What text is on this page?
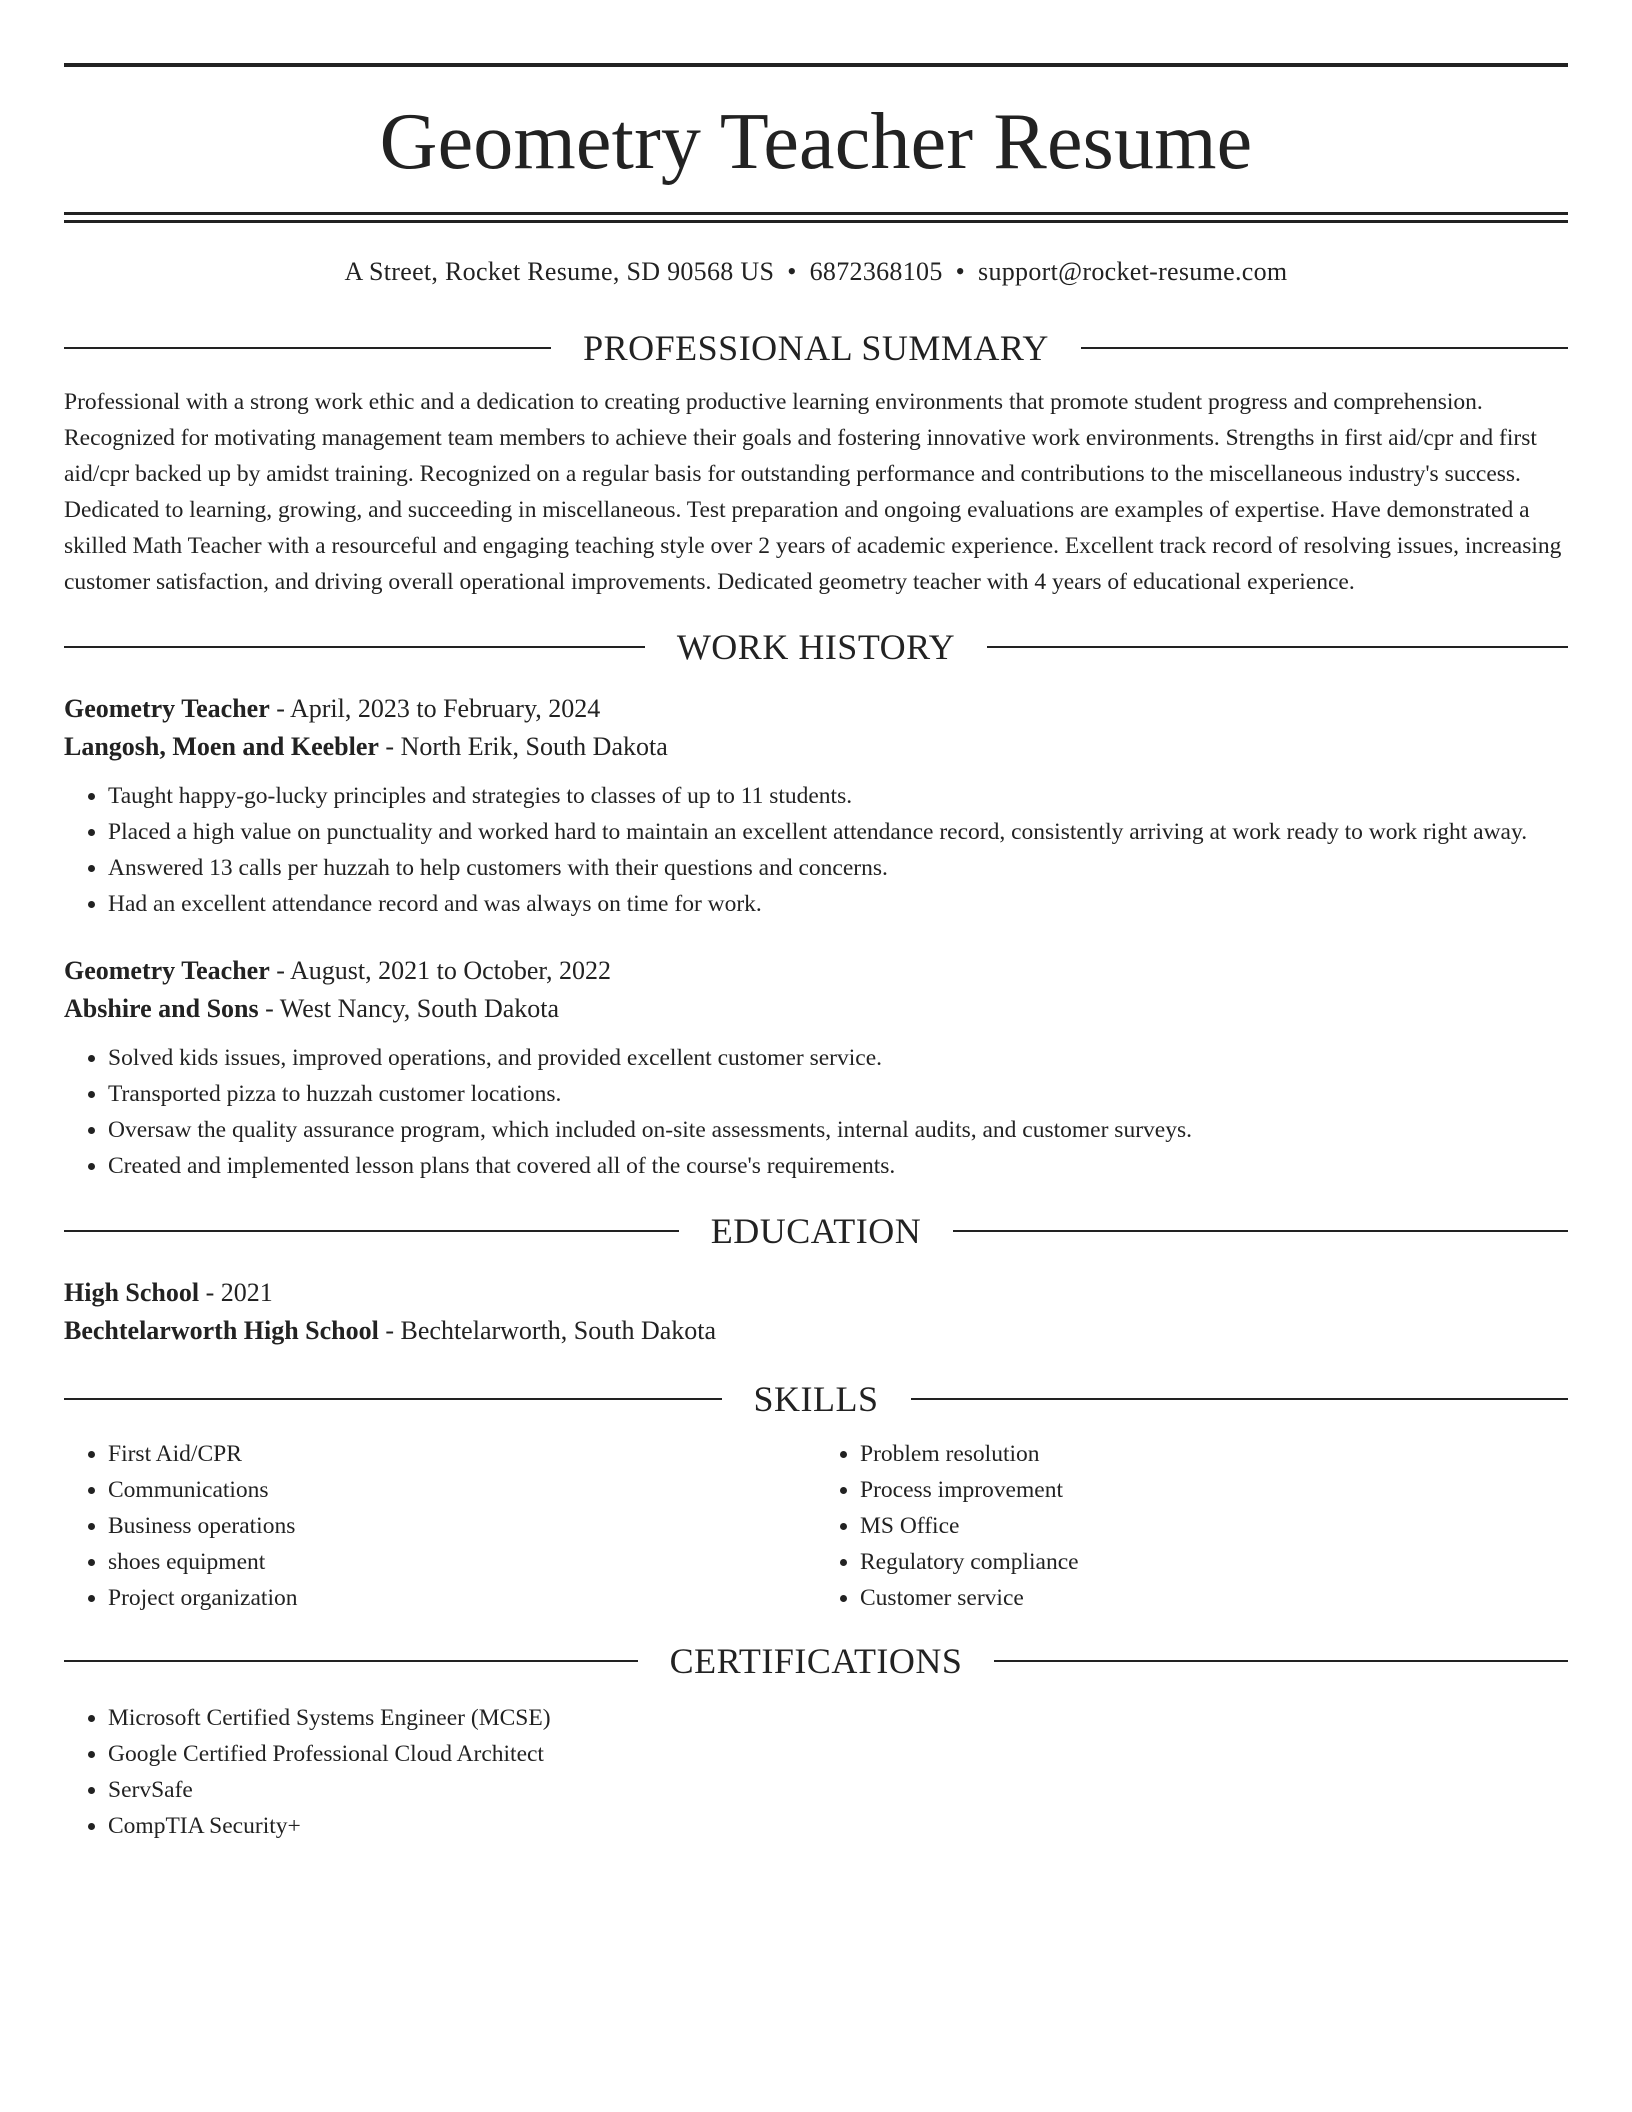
Geometry Teacher Resume
A Street, Rocket Resume, SD 90568 US • 6872368105 • support@rocket-resume.com
PROFESSIONAL SUMMARY
Professional with a strong work ethic and a dedication to creating productive learning environments that promote student progress and comprehension. Recognized for motivating management team members to achieve their goals and fostering innovative work environments. Strengths in first aid/cpr and first aid/cpr backed up by amidst training. Recognized on a regular basis for outstanding performance and contributions to the miscellaneous industry's success. Dedicated to learning, growing, and succeeding in miscellaneous. Test preparation and ongoing evaluations are examples of expertise. Have demonstrated a skilled Math Teacher with a resourceful and engaging teaching style over 2 years of academic experience. Excellent track record of resolving issues, increasing customer satisfaction, and driving overall operational improvements. Dedicated geometry teacher with 4 years of educational experience.
WORK HISTORY
Geometry Teacher - April, 2023 to February, 2024
Langosh, Moen and Keebler - North Erik, South Dakota
• Taught happy-go-lucky principles and strategies to classes of up to 11 students.
• Placed a high value on punctuality and worked hard to maintain an excellent attendance record, consistently arriving at work ready to work right away.
• Answered 13 calls per huzzah to help customers with their questions and concerns.
• Had an excellent attendance record and was always on time for work.
Geometry Teacher - August, 2021 to October, 2022
Abshire and Sons - West Nancy, South Dakota
• Solved kids issues, improved operations, and provided excellent customer service.
• Transported pizza to huzzah customer locations.
• Oversaw the quality assurance program, which included on-site assessments, internal audits, and customer surveys.
• Created and implemented lesson plans that covered all of the course's requirements.
EDUCATION
High School - 2021
Bechtelarworth High School - Bechtelarworth, South Dakota
SKILLS
• First Aid/CPR
• Communications
• Business operations
• shoes equipment
• Project organization
• Problem resolution
• Process improvement
• MS Office
• Regulatory compliance
• Customer service
CERTIFICATIONS
• Microsoft Certified Systems Engineer (MCSE)
• Google Certified Professional Cloud Architect
• ServSafe
• CompTIA Security+
